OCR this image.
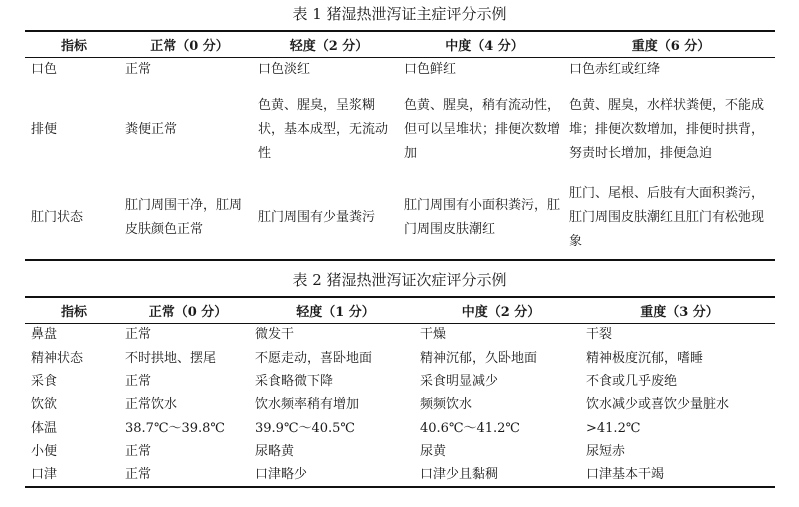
表 1 猪湿热泄泻证主症评分示例
指标	正常（0 分）	轻度（2 分）	中度（4 分）	重度（6 分）
口色	正常	口色淡红	口色鲜红	口色赤红或红绛
排便	粪便正常	色黄、腥臭，呈浆糊状，基本成型，无流动性	色黄、腥臭，稍有流动性，但可以呈堆状；排便次数增加	色黄、腥臭，水样状粪便，不能成堆；排便次数增加，排便时拱背，努责时长增加，排便急迫
肛门状态	肛门周围干净，肛周皮肤颜色正常	肛门周围有少量粪污	肛门周围有小面积粪污，肛门周围皮肤潮红	肛门、尾根、后肢有大面积粪污，肛门周围皮肤潮红且肛门有松弛现象
表 2 猪湿热泄泻证次症评分示例
指标	正常（0 分）	轻度（1 分）	中度（2 分）	重度（3 分）
鼻盘	正常	微发干	干燥	干裂
精神状态	不时拱地、摆尾	不愿走动，喜卧地面	精神沉郁，久卧地面	精神极度沉郁，嗜睡
采食	正常	采食略微下降	采食明显减少	不食或几乎废绝
饮欲	正常饮水	饮水频率稍有增加	频频饮水	饮水减少或喜饮少量脏水
体温	38.7℃～39.8℃	39.9℃～40.5℃	40.6℃～41.2℃	>41.2℃
小便	正常	尿略黄	尿黄	尿短赤
口津	正常	口津略少	口津少且黏稠	口津基本干竭
